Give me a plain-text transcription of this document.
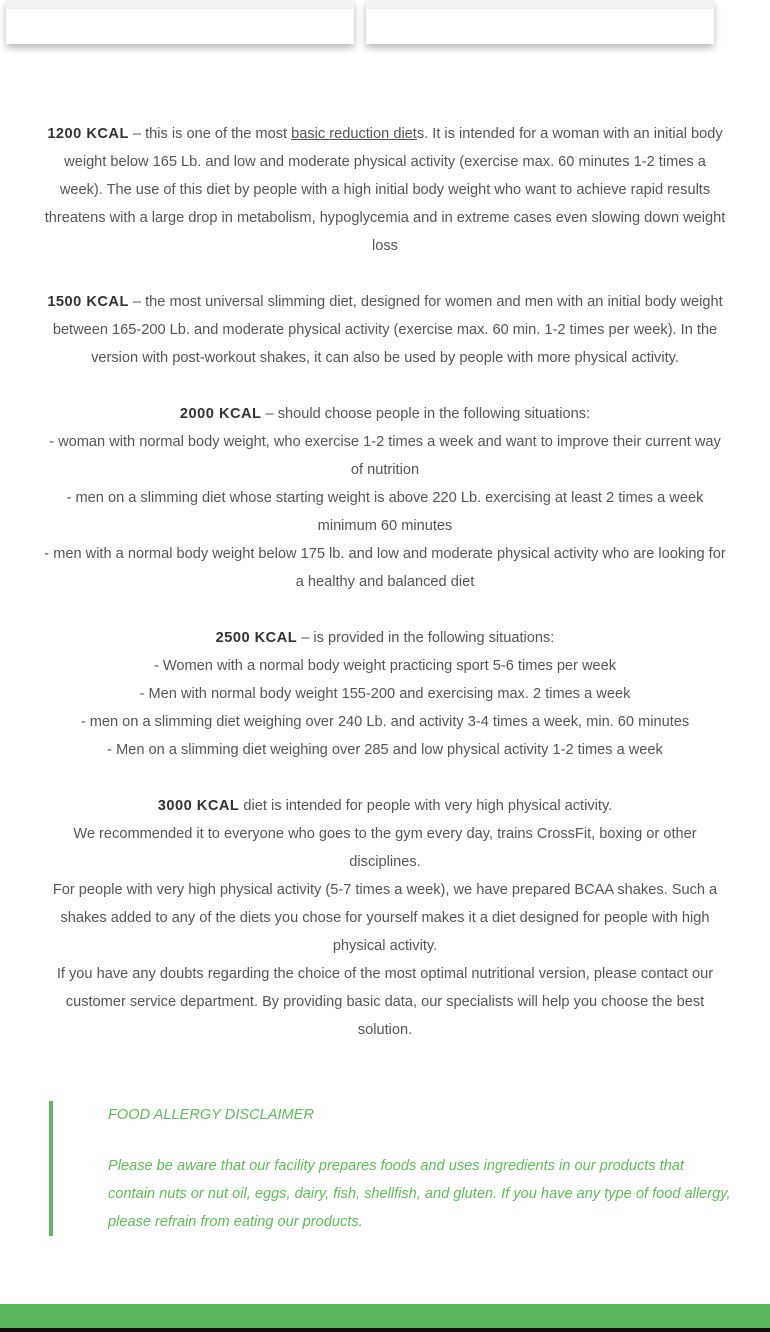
1200 KCAL – this is one of the most basic reduction diets. It is intended for a woman with an initial body weight below 165 Lb. and low and moderate physical activity (exercise max. 60 minutes 1-2 times a week). The use of this diet by people with a high initial body weight who want to achieve rapid results threatens with a large drop in metabolism, hypoglycemia and in extreme cases even slowing down weight loss

1500 KCAL – the most universal slimming diet, designed for women and men with an initial body weight between 165-200 Lb. and moderate physical activity (exercise max. 60 min. 1-2 times per week). In the version with post-workout shakes, it can also be used by people with more physical activity.

2000 KCAL – should choose people in the following situations:

- woman with normal body weight, who exercise 1-2 times a week and want to improve their current way of nutrition

- men on a slimming diet whose starting weight is above 220 Lb. exercising at least 2 times a week minimum 60 minutes

- men with a normal body weight below 175 lb. and low and moderate physical activity who are looking for a healthy and balanced diet

2500 KCAL – is provided in the following situations:

- Women with a normal body weight practicing sport 5-6 times per week

- Men with normal body weight 155-200 and exercising max. 2 times a week

- men on a slimming diet weighing over 240 Lb. and activity 3-4 times a week, min. 60 minutes

- Men on a slimming diet weighing over 285 and low physical activity 1-2 times a week

3000 KCAL diet is intended for people with very high physical activity.

We recommended it to everyone who goes to the gym every day, trains CrossFit, boxing or other disciplines.

For people with very high physical activity (5-7 times a week), we have prepared BCAA shakes. Such a shakes added to any of the diets you chose for yourself makes it a diet designed for people with high physical activity.

If you have any doubts regarding the choice of the most optimal nutritional version, please contact our customer service department. By providing basic data, our specialists will help you choose the best solution.

FOOD ALLERGY DISCLAIMER

Please be aware that our facility prepares foods and uses ingredients in our products that contain nuts or nut oil, eggs, dairy, fish, shellfish, and gluten. If you have any type of food allergy, please refrain from eating our products.
